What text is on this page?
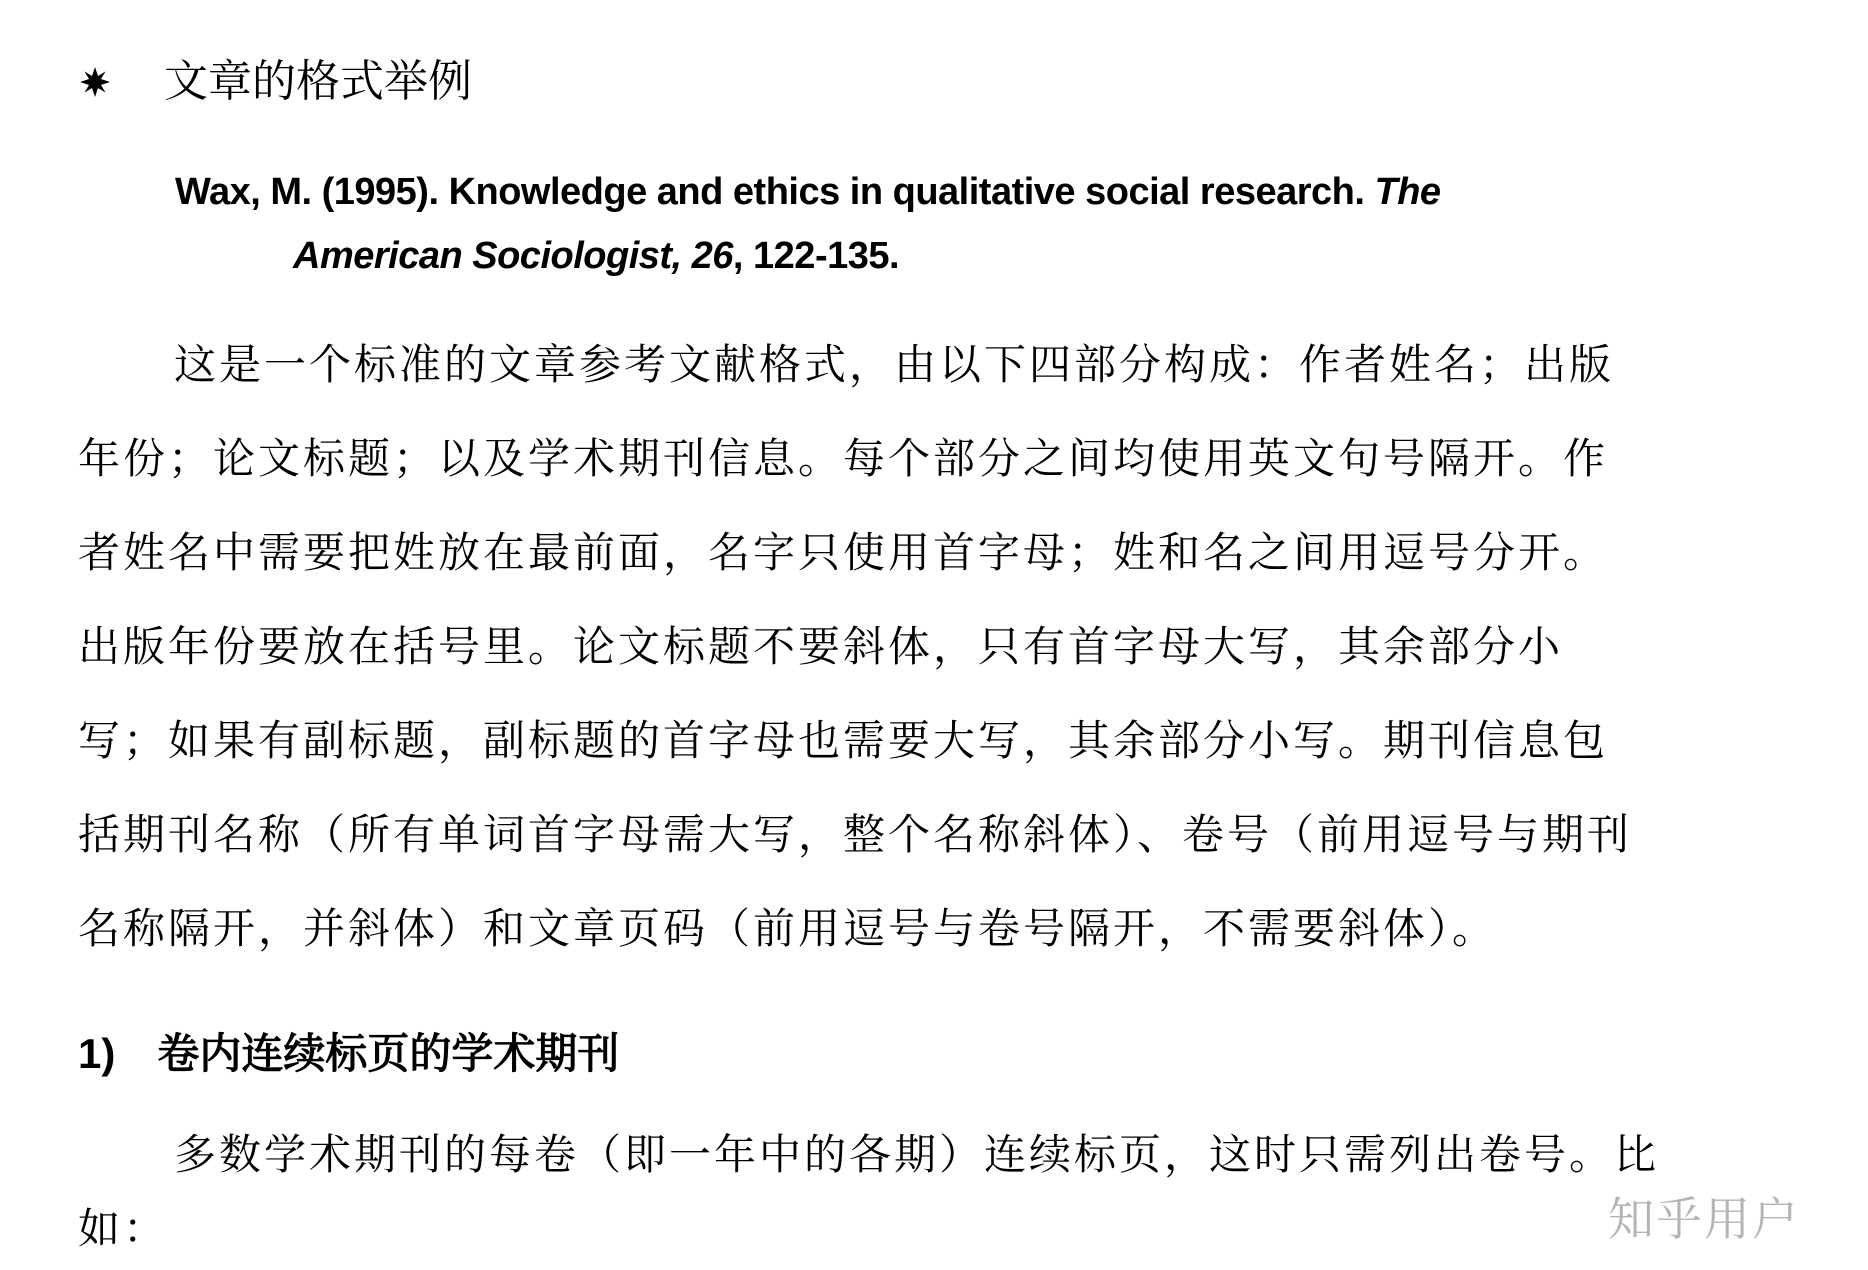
文章的格式举例
Wax, M. (1995). Knowledge and ethics in qualitative social research. The
American Sociologist, 26, 122-135.
这是一个标准的文章参考文献格式，由以下四部分构成：作者姓名；出版
年份；论文标题；以及学术期刊信息。每个部分之间均使用英文句号隔开。作
者姓名中需要把姓放在最前面，名字只使用首字母；姓和名之间用逗号分开。
出版年份要放在括号里。论文标题不要斜体，只有首字母大写，其余部分小
写；如果有副标题，副标题的首字母也需要大写，其余部分小写。期刊信息包
括期刊名称（所有单词首字母需大写，整个名称斜体）、卷号（前用逗号与期刊
名称隔开，并斜体）和文章页码（前用逗号与卷号隔开，不需要斜体）。
1) 卷内连续标页的学术期刊
多数学术期刊的每卷（即一年中的各期）连续标页，这时只需列出卷号。比
如：	知乎用户
